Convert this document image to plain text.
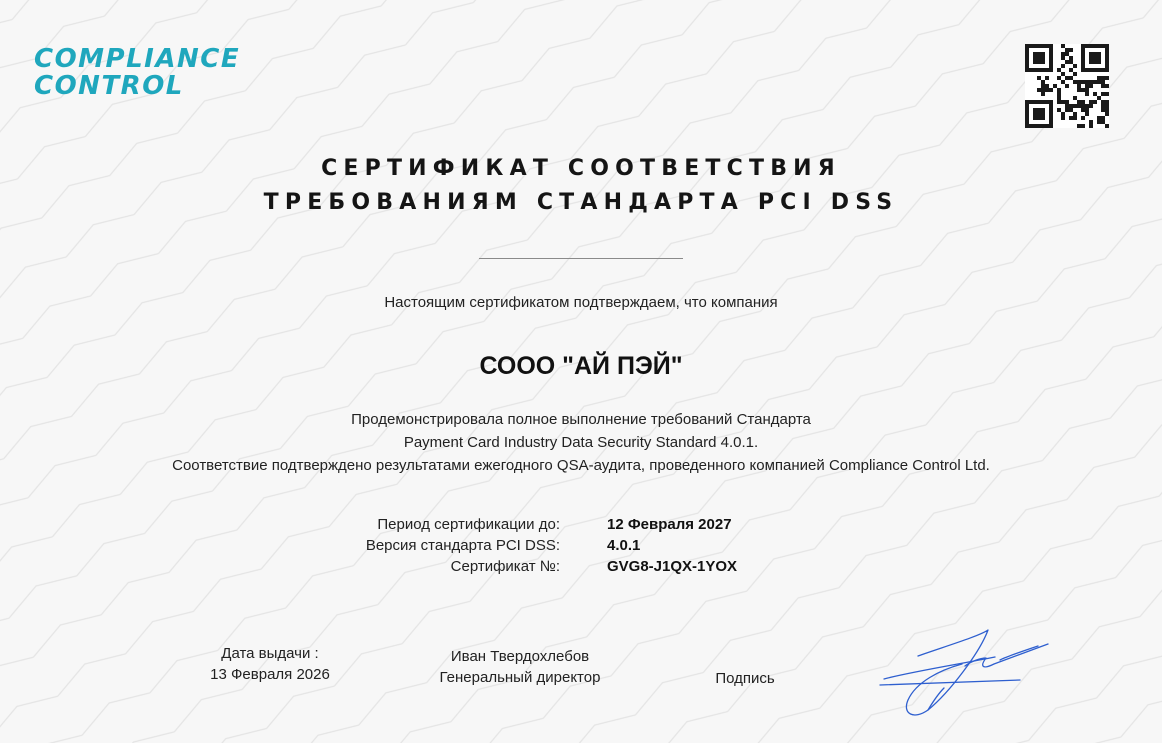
COMPLIANCE
CONTROL
СЕРТИФИКАТ СООТВЕТСТВИЯ
ТРЕБОВАНИЯМ СТАНДАРТА PCI DSS
Настоящим сертификатом подтверждаем, что компания
СООО "АЙ ПЭЙ"
Продемонстрировала полное выполнение требований Стандарта
Payment Card Industry Data Security Standard 4.0.1.
Соответствие подтверждено результатами ежегодного QSA-аудита, проведенного компанией Compliance Control Ltd.
Период сертификации до:	12 Февраля 2027
Версия стандарта PCI DSS:	4.0.1
Сертификат №:	GVG8-J1QX-1YOX
Дата выдачи :
13 Февраля 2026
Иван Твердохлебов
Генеральный директор	Подпись
